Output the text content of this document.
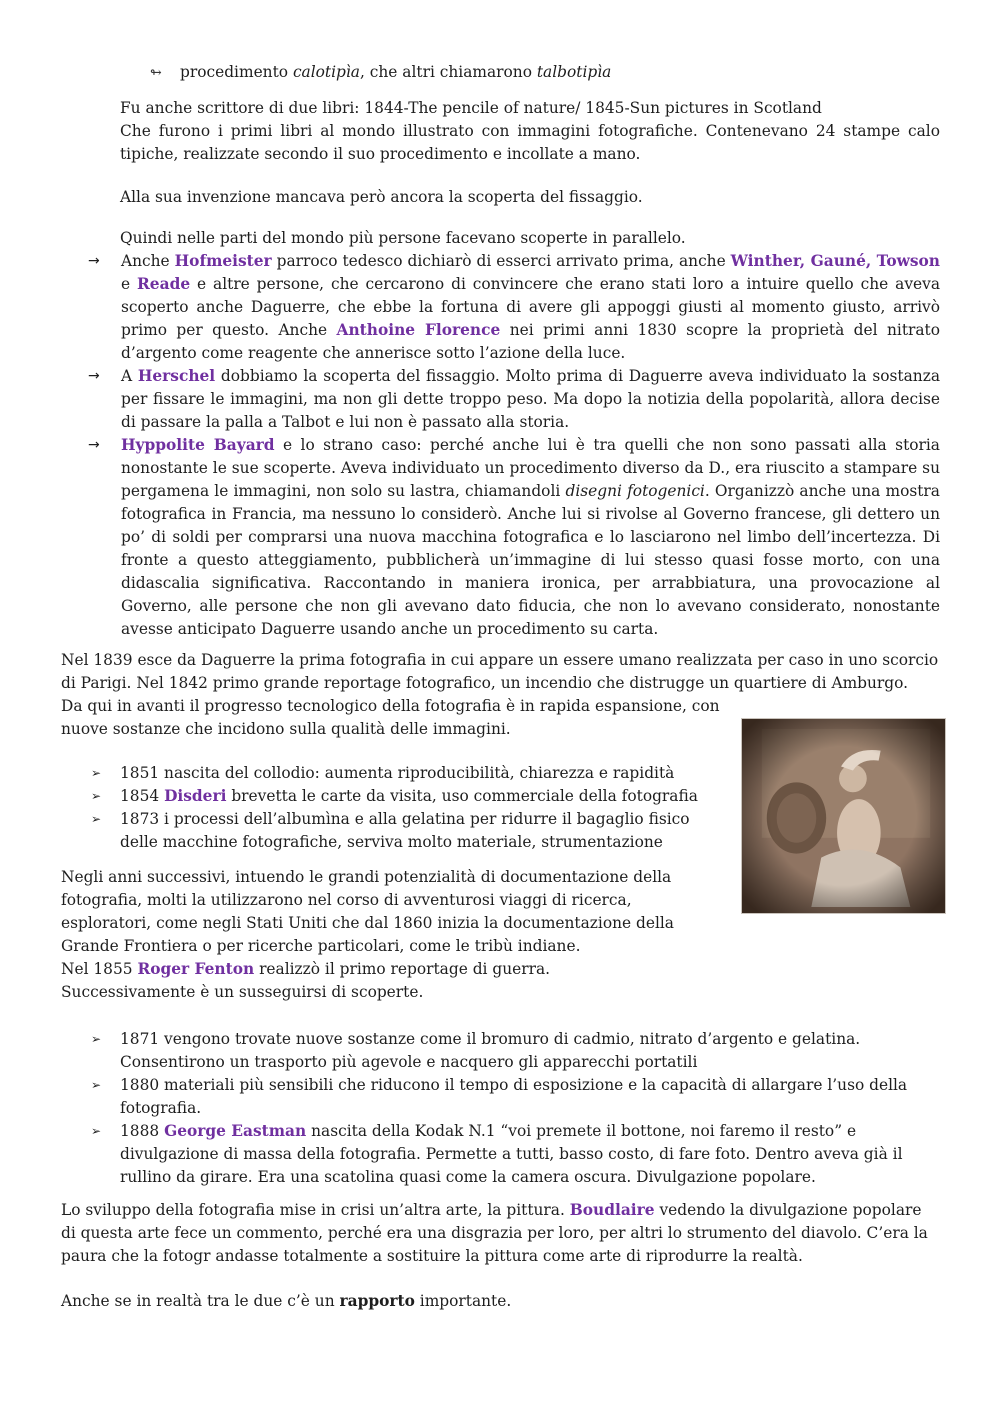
↬ procedimento calotipìa, che altri chiamarono talbotipìa

Fu anche scrittore di due libri: 1844-The pencile of nature/ 1845-Sun pictures in Scotland

Che furono i primi libri al mondo illustrato con immagini fotografiche. Contenevano 24 stampe calo tipiche, realizzate secondo il suo procedimento e incollate a mano.

Alla sua invenzione mancava però ancora la scoperta del fissaggio.

Quindi nelle parti del mondo più persone facevano scoperte in parallelo.

→ Anche Hofmeister parroco tedesco dichiarò di esserci arrivato prima, anche Winther, Gauné, Towson e Reade e altre persone, che cercarono di convincere che erano stati loro a intuire quello che aveva scoperto anche Daguerre, che ebbe la fortuna di avere gli appoggi giusti al momento giusto, arrivò primo per questo. Anche Anthoine Florence nei primi anni 1830 scopre la proprietà del nitrato d’argento come reagente che annerisce sotto l’azione della luce.
→ A Herschel dobbiamo la scoperta del fissaggio. Molto prima di Daguerre aveva individuato la sostanza per fissare le immagini, ma non gli dette troppo peso. Ma dopo la notizia della popolarità, allora decise di passare la palla a Talbot e lui non è passato alla storia.
→ Hyppolite Bayard e lo strano caso: perché anche lui è tra quelli che non sono passati alla storia nonostante le sue scoperte. Aveva individuato un procedimento diverso da D., era riuscito a stampare su pergamena le immagini, non solo su lastra, chiamandoli disegni fotogenici. Organizzò anche una mostra fotografica in Francia, ma nessuno lo considerò. Anche lui si rivolse al Governo francese, gli dettero un po’ di soldi per comprarsi una nuova macchina fotografica e lo lasciarono nel limbo dell’incertezza. Di fronte a questo atteggiamento, pubblicherà un’immagine di lui stesso quasi fosse morto, con una didascalia significativa. Raccontando in maniera ironica, per arrabbiatura, una provocazione al Governo, alle persone che non gli avevano dato fiducia, che non lo avevano considerato, nonostante avesse anticipato Daguerre usando anche un procedimento su carta.

Nel 1839 esce da Daguerre la prima fotografia in cui appare un essere umano realizzata per caso in uno scorcio

di Parigi. Nel 1842 primo grande reportage fotografico, un incendio che distrugge un quartiere di Amburgo.

Da qui in avanti il progresso tecnologico della fotografia è in rapida espansione, con

nuove sostanze che incidono sulla qualità delle immagini.

➢ 1851 nascita del collodio: aumenta riproducibilità, chiarezza e rapidità
➢ 1854 Disderi brevetta le carte da visita, uso commerciale della fotografia
➢ 1873 i processi dell’albumìna e alla gelatina per ridurre il bagaglio fisico

delle macchine fotografiche, serviva molto materiale, strumentazione

Negli anni successivi, intuendo le grandi potenzialità di documentazione della

fotografia, molti la utilizzarono nel corso di avventurosi viaggi di ricerca,

esploratori, come negli Stati Uniti che dal 1860 inizia la documentazione della

Grande Frontiera o per ricerche particolari, come le tribù indiane.

Nel 1855 Roger Fenton realizzò il primo reportage di guerra.

Successivamente è un susseguirsi di scoperte.

➢ 1871 vengono trovate nuove sostanze come il bromuro di cadmio, nitrato d’argento e gelatina.

Consentirono un trasporto più agevole e nacquero gli apparecchi portatili

➢ 1880 materiali più sensibili che riducono il tempo di esposizione e la capacità di allargare l’uso della

fotografia.

➢ 1888 George Eastman nascita della Kodak N.1 “voi premete il bottone, noi faremo il resto” e

divulgazione di massa della fotografia. Permette a tutti, basso costo, di fare foto. Dentro aveva già il

rullino da girare. Era una scatolina quasi come la camera oscura. Divulgazione popolare.

Lo sviluppo della fotografia mise in crisi un’altra arte, la pittura. Boudlaire vedendo la divulgazione popolare

di questa arte fece un commento, perché era una disgrazia per loro, per altri lo strumento del diavolo. C’era la

paura che la fotogr andasse totalmente a sostituire la pittura come arte di riprodurre la realtà.

Anche se in realtà tra le due c’è un rapporto importante.
